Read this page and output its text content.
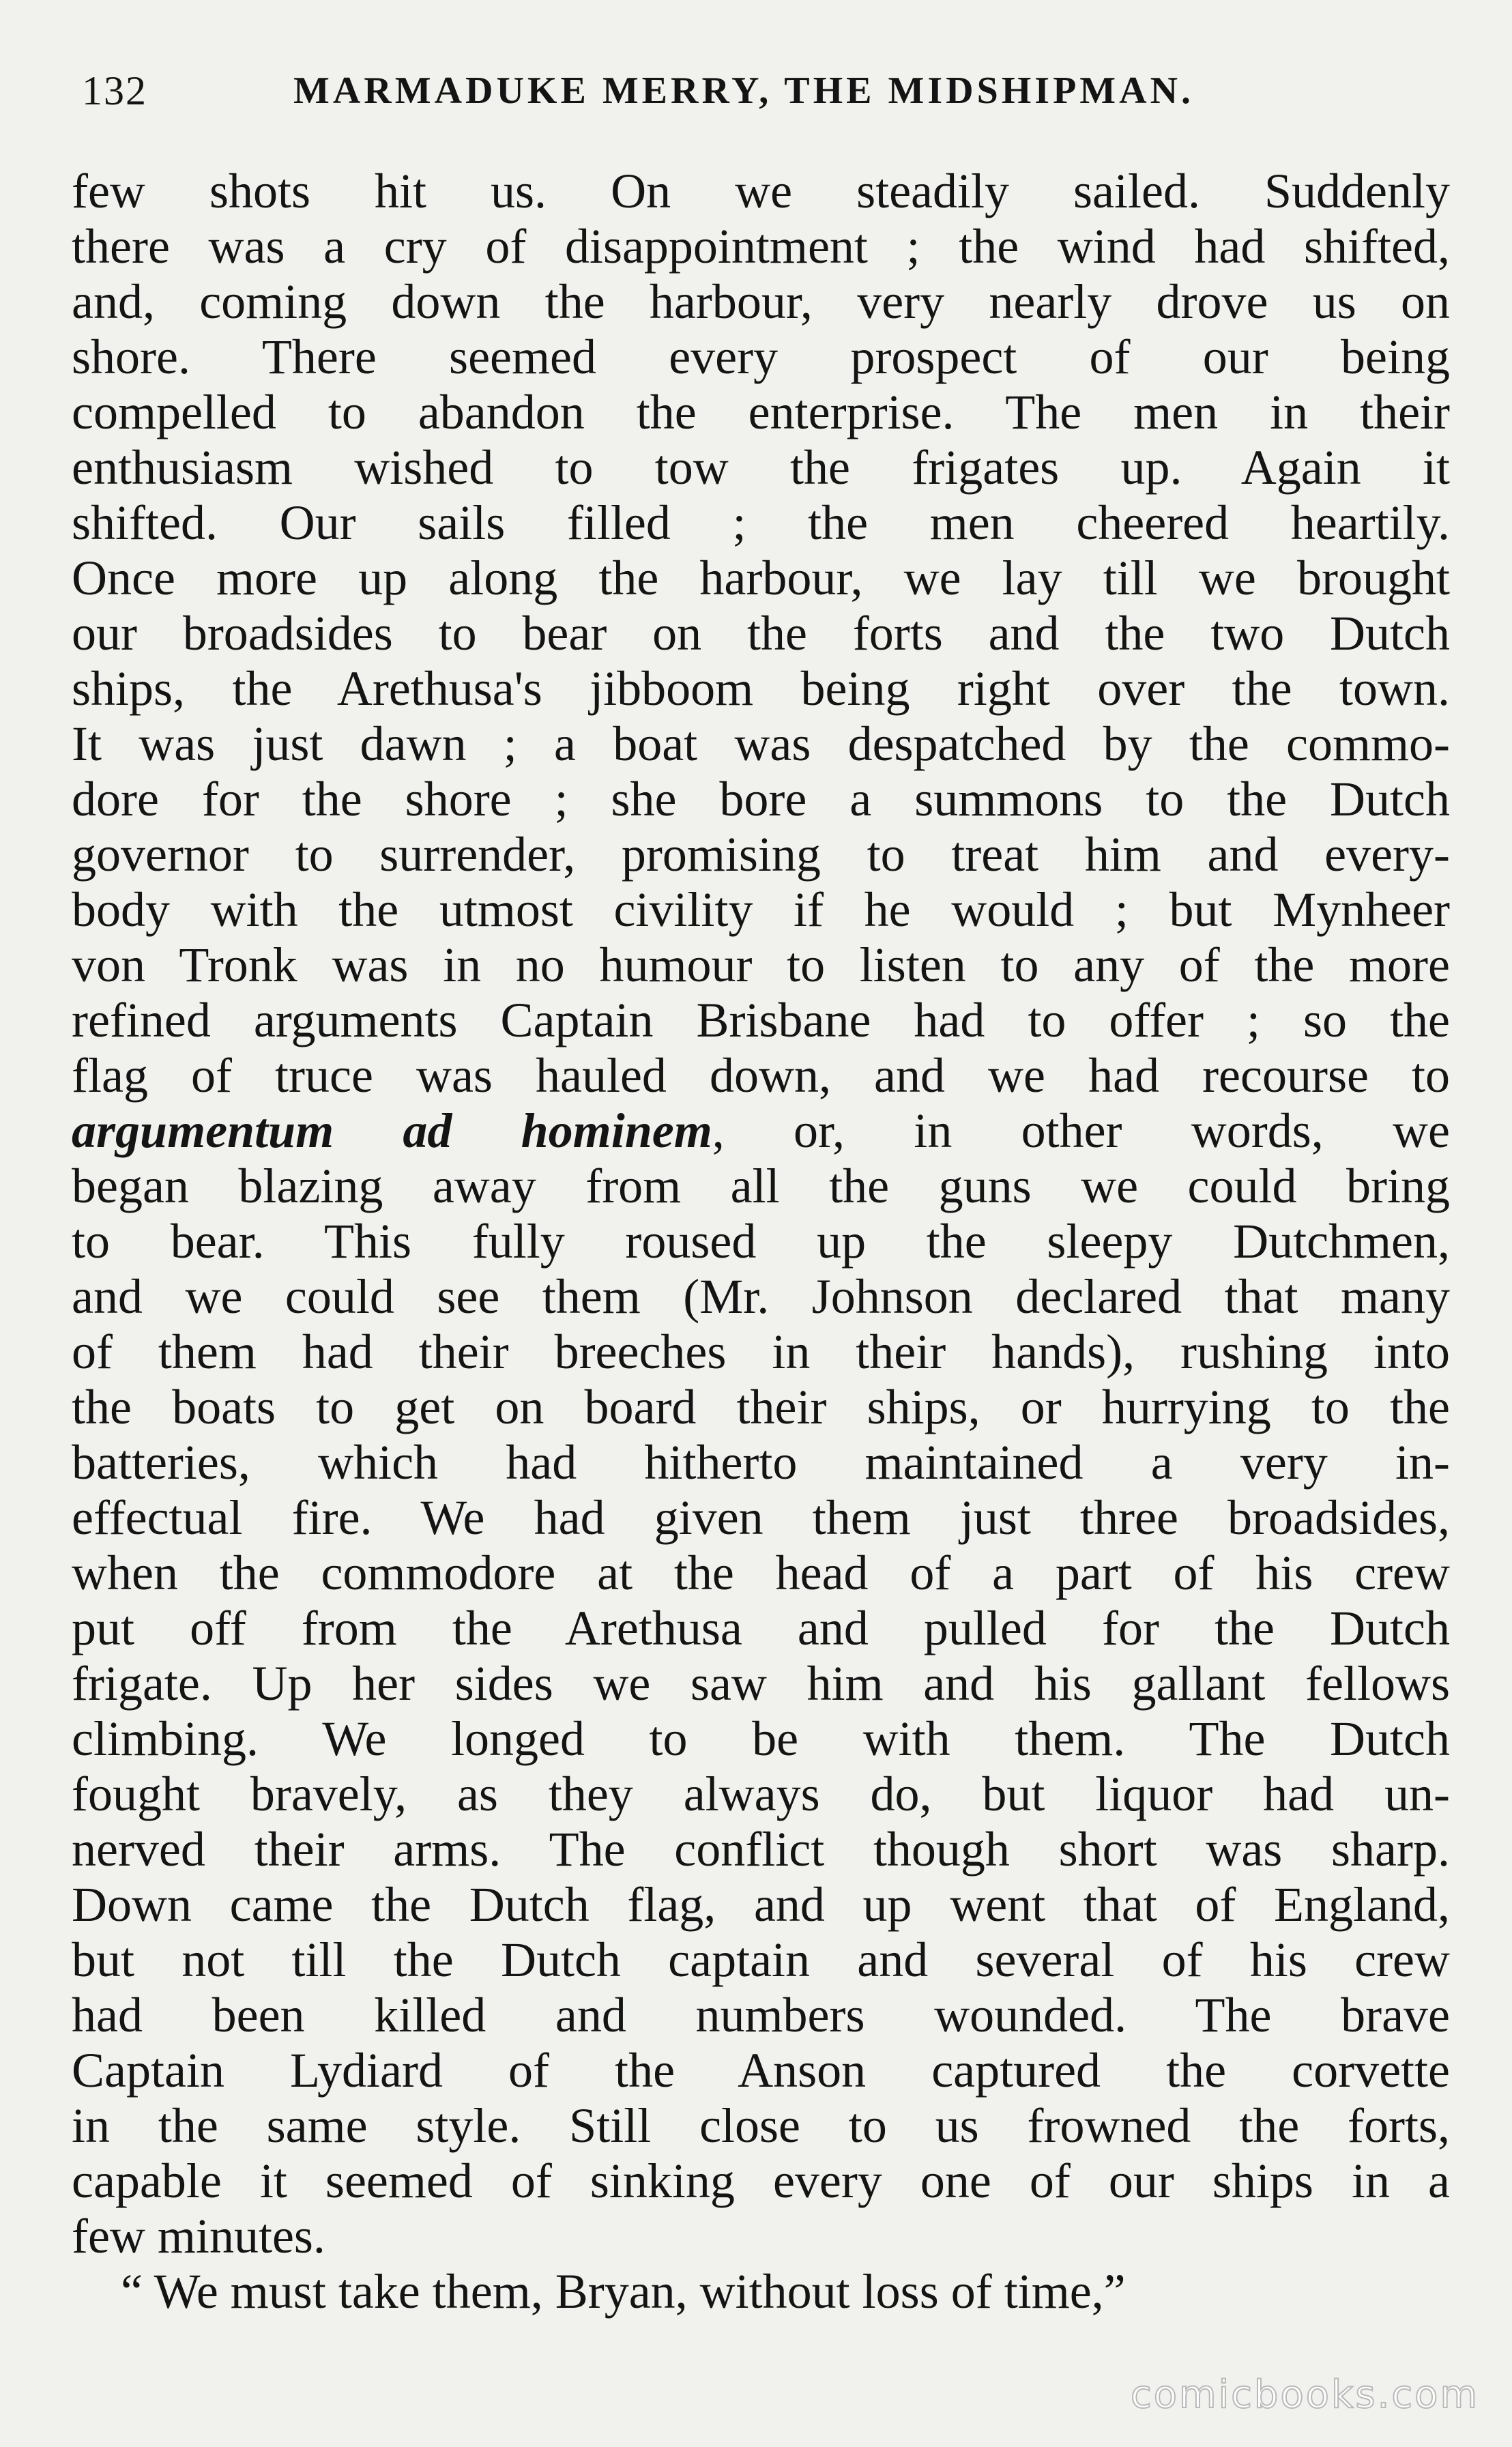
132	MARMADUKE MERRY, THE MIDSHIPMAN.
few shots hit us. On we steadily sailed. Suddenly
there was a cry of disappointment ; the wind had shifted,
and, coming down the harbour, very nearly drove us on
shore. There seemed every prospect of our being
compelled to abandon the enterprise. The men in their
enthusiasm wished to tow the frigates up. Again it
shifted. Our sails filled ; the men cheered heartily.
Once more up along the harbour, we lay till we brought
our broadsides to bear on the forts and the two Dutch
ships, the Arethusa's jibboom being right over the town.
It was just dawn ; a boat was despatched by the commo-
dore for the shore ; she bore a summons to the Dutch
governor to surrender, promising to treat him and every-
body with the utmost civility if he would ; but Mynheer
von Tronk was in no humour to listen to any of the more
refined arguments Captain Brisbane had to offer ; so the
flag of truce was hauled down, and we had recourse to
argumentum ad hominem, or, in other words, we
began blazing away from all the guns we could bring
to bear. This fully roused up the sleepy Dutchmen,
and we could see them (Mr. Johnson declared that many
of them had their breeches in their hands), rushing into
the boats to get on board their ships, or hurrying to the
batteries, which had hitherto maintained a very in-
effectual fire. We had given them just three broadsides,
when the commodore at the head of a part of his crew
put off from the Arethusa and pulled for the Dutch
frigate. Up her sides we saw him and his gallant fellows
climbing. We longed to be with them. The Dutch
fought bravely, as they always do, but liquor had un-
nerved their arms. The conflict though short was sharp.
Down came the Dutch flag, and up went that of England,
but not till the Dutch captain and several of his crew
had been killed and numbers wounded. The brave
Captain Lydiard of the Anson captured the corvette
in the same style. Still close to us frowned the forts,
capable it seemed of sinking every one of our ships in a
few minutes.
“ We must take them, Bryan, without loss of time,”
comicbooks.com
